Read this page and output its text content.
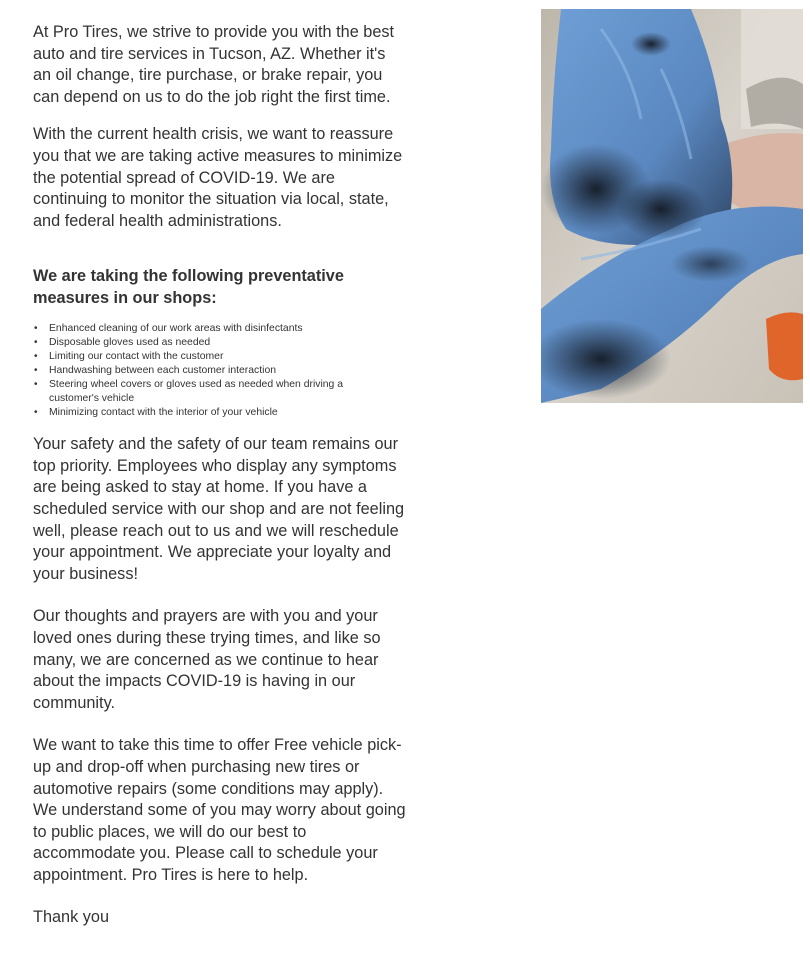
At Pro Tires, we strive to provide you with the best
auto and tire services in Tucson, AZ. Whether it's
an oil change, tire purchase, or brake repair, you
can depend on us to do the job right the first time.

With the current health crisis, we want to reassure
you that we are taking active measures to minimize
the potential spread of COVID-19. We are
continuing to monitor the situation via local, state,
and federal health administrations.

We are taking the following preventative
measures in our shops:
• Enhanced cleaning of our work areas with disinfectants
• Disposable gloves used as needed
• Limiting our contact with the customer
• Handwashing between each customer interaction
• Steering wheel covers or gloves used as needed when driving a
customer's vehicle
• Minimizing contact with the interior of your vehicle

Your safety and the safety of our team remains our
top priority. Employees who display any symptoms
are being asked to stay at home. If you have a
scheduled service with our shop and are not feeling
well, please reach out to us and we will reschedule
your appointment. We appreciate your loyalty and
your business!

Our thoughts and prayers are with you and your
loved ones during these trying times, and like so
many, we are concerned as we continue to hear
about the impacts COVID-19 is having in our
community.

We want to take this time to offer Free vehicle pick-
up and drop-off when purchasing new tires or
automotive repairs (some conditions may apply).
We understand some of you may worry about going
to public places, we will do our best to
accommodate you. Please call to schedule your
appointment. Pro Tires is here to help.

Thank you
